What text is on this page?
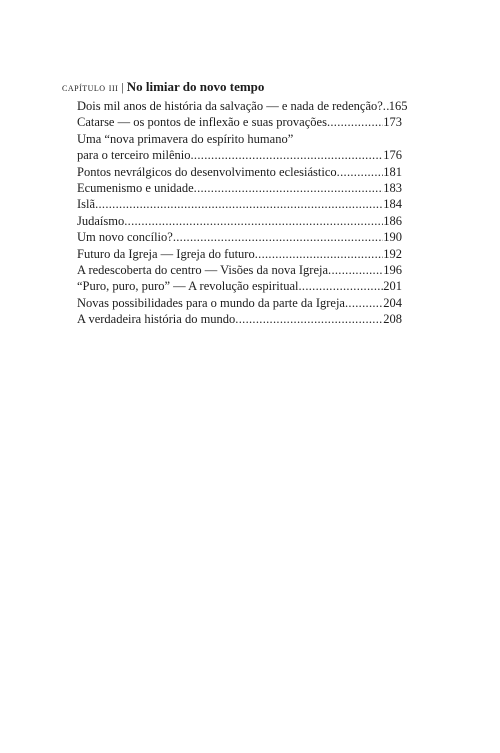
capítulo iii | No limiar do novo tempo
Dois mil anos de história da salvação — e nada de redenção? ..... 165
Catarse — os pontos de inflexão e suas provações .....	173
Uma “nova primavera do espírito humano”
para o terceiro milênio .....	176
Pontos nevrálgicos do desenvolvimento eclesiástico .....	181
Ecumenismo e unidade .....	183
Islã .....	184
Judaísmo .....	186
Um novo concílio? .....	190
Futuro da Igreja — Igreja do futuro .....	192
A redescoberta do centro — Visões da nova Igreja .....	196
“Puro, puro, puro” — A revolução espiritual .....	201
Novas possibilidades para o mundo da parte da Igreja .....	204
A verdadeira história do mundo .....	208
